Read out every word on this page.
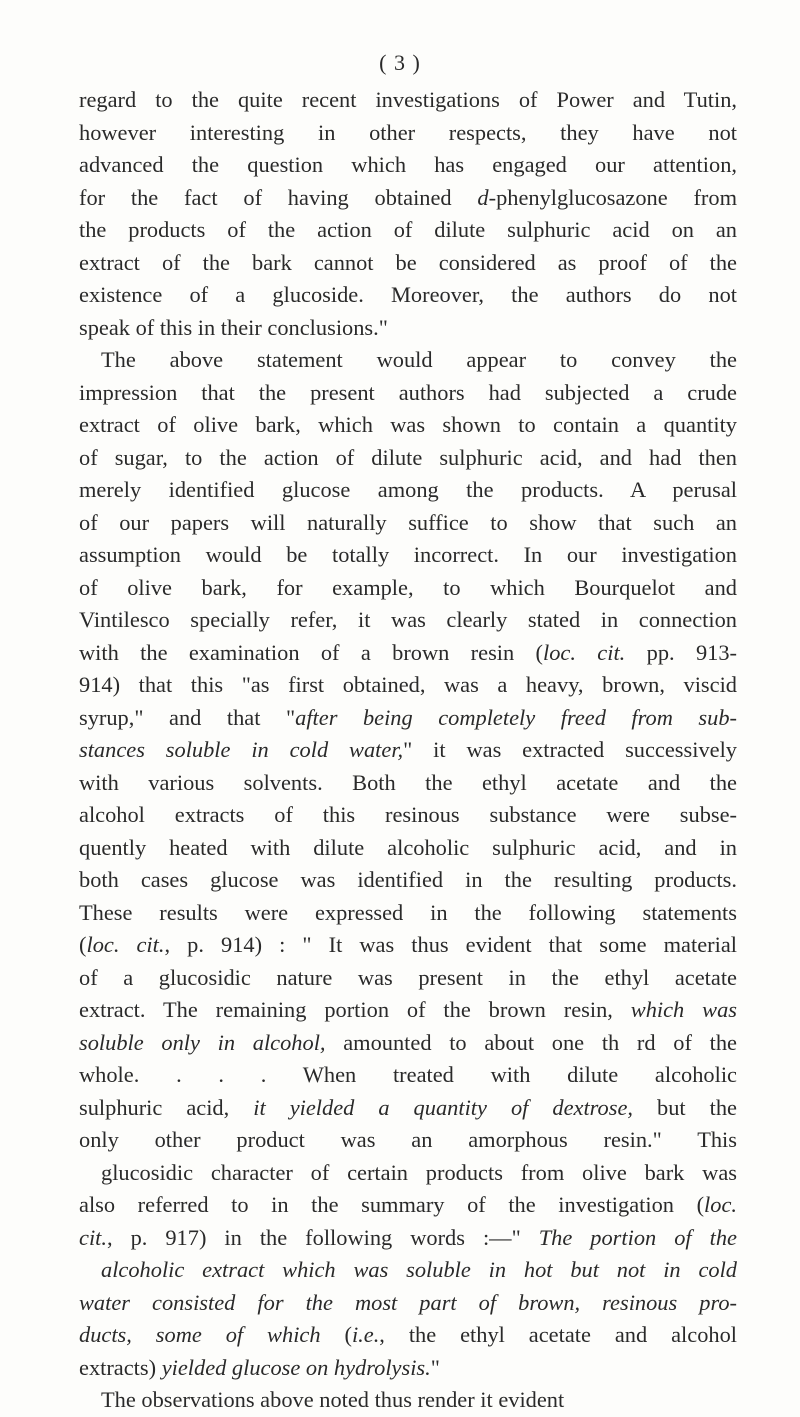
( 3 )
regard to the quite recent investigations of Power and Tutin,
however interesting in other respects, they have not
advanced the question which has engaged our attention,
for the fact of having obtained d-phenylglucosazone from
the products of the action of dilute sulphuric acid on an
extract of the bark cannot be considered as proof of the
existence of a glucoside. Moreover, the authors do not
speak of this in their conclusions."
The above statement would appear to convey the
impression that the present authors had subjected a crude
extract of olive bark, which was shown to contain a quantity
of sugar, to the action of dilute sulphuric acid, and had then
merely identified glucose among the products. A perusal
of our papers will naturally suffice to show that such an
assumption would be totally incorrect. In our investigation
of olive bark, for example, to which Bourquelot and
Vintilesco specially refer, it was clearly stated in connection
with the examination of a brown resin (loc. cit. pp. 913-
914) that this "as first obtained, was a heavy, brown, viscid
syrup," and that "after being completely freed from sub-
stances soluble in cold water," it was extracted successively
with various solvents. Both the ethyl acetate and the
alcohol extracts of this resinous substance were subse-
quently heated with dilute alcoholic sulphuric acid, and in
both cases glucose was identified in the resulting products.
These results were expressed in the following statements
(loc. cit., p. 914) : " It was thus evident that some material
of a glucosidic nature was present in the ethyl acetate
extract. The remaining portion of the brown resin, which was
soluble only in alcohol, amounted to about one th rd of the
whole. . . . When treated with dilute alcoholic
sulphuric acid, it yielded a quantity of dextrose, but the
only other product was an amorphous resin." This
glucosidic character of certain products from olive bark was
also referred to in the summary of the investigation (loc.
cit., p. 917) in the following words :—" The portion of the
alcoholic extract which was soluble in hot but not in cold
water consisted for the most part of brown, resinous pro-
ducts, some of which (i.e., the ethyl acetate and alcohol
extracts) yielded glucose on hydrolysis."
The observations above noted thus render it evident
